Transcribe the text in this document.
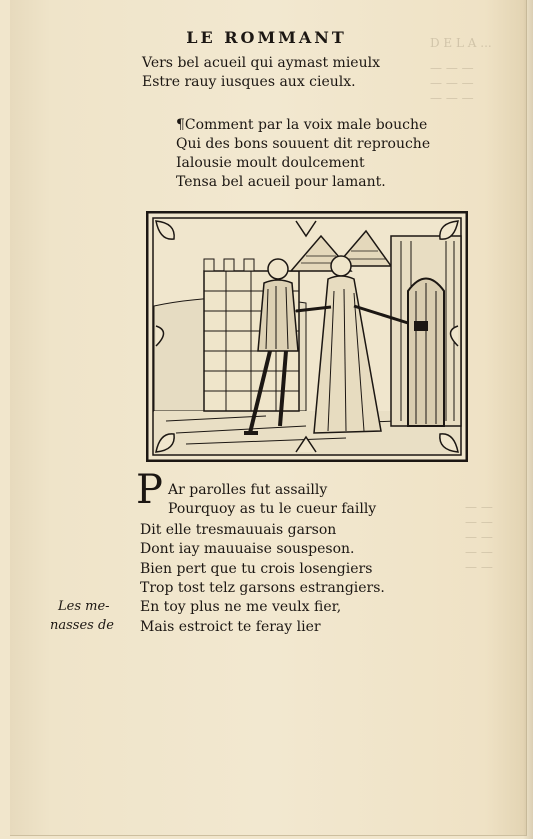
D E L A ...
— — —
— — —
— — —
— —
— —
— —
— —
— —
LE ROMMANT
Vers bel acueil qui aymast mieulx
Estre rauy iusques aux cieulx.
¶Comment par la voix male bouche
Qui des bons souuent dit reprouche
Ialousie moult doulcement
Tensa bel acueil pour lamant.
P Ar parolles fut assailly
Pourquoy as tu le cueur failly
Dit elle tresmauuais garson
Dont iay mauuaise souspeson.
Bien pert que tu crois losengiers
Trop tost telz garsons estrangiers.
En toy plus ne me veulx fier,
Mais estroict te feray lier
Les me-
nasses de
